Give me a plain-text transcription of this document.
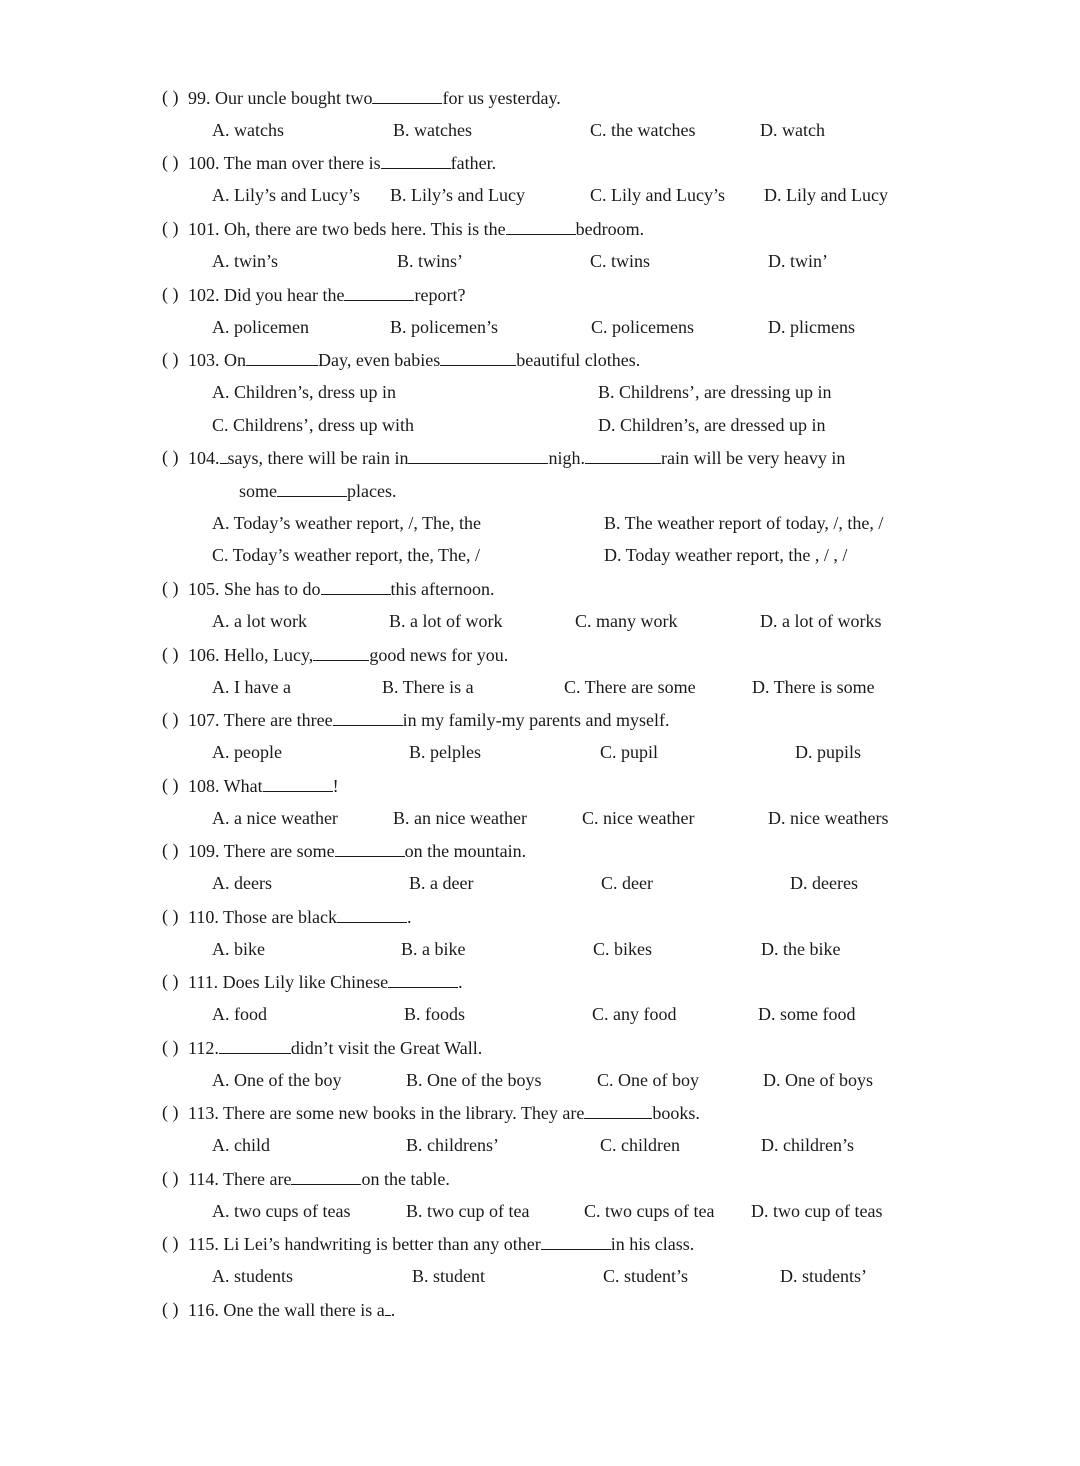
( ) 99. Our uncle bought two	for us yesterday.
A. watchs	B. watches	C. the watches	D. watch
( ) 100. The man over there is	father.
A. Lily’s and Lucy’s B. Lily’s and Lucy	C. Lily and Lucy’s D. Lily and Lucy
( ) 101. Oh, there are two beds here. This is the	bedroom.
A. twin’s	B. twins’	C. twins	D. twin’
( ) 102. Did you hear the	report?
A. policemen	B. policemen’s	C. policemens	D. plicmens
( ) 103. On	Day, even babies	beautiful clothes.
A. Children’s, dress up in	B. Childrens’, are dressing up in
C. Childrens’, dress up with	D. Children’s, are dressed up in
( ) 104. says, there will be rain in	nigh.	rain will be very heavy in
some	places.
A. Today’s weather report, /, The, the	B. The weather report of today, /, the, /
C. Today’s weather report, the, The, /	D. Today weather report, the , / , /
( ) 105. She has to do	this afternoon.
A. a lot work	B. a lot of work	C. many work	D. a lot of works
( ) 106. Hello, Lucy,	good news for you.
A. I have a	B. There is a	C. There are some	D. There is some
( ) 107. There are three	in my family-my parents and myself.
A. people	B. pelples	C. pupil	D. pupils
( ) 108. What	!
A. a nice weather	B. an nice weather	C. nice weather	D. nice weathers
( ) 109. There are some	on the mountain.
A. deers	B. a deer	C. deer	D. deeres
( ) 110. Those are black	.
A. bike	B. a bike	C. bikes	D. the bike
( ) 111. Does Lily like Chinese	.
A. food	B. foods	C. any food	D. some food
( ) 112.	didn’t visit the Great Wall.
A. One of the boy	B. One of the boys	C. One of boy	D. One of boys
( ) 113. There are some new books in the library. They are	books.
A. child	B. childrens’	C. children	D. children’s
( ) 114. There are	on the table.
A. two cups of teas	B. two cup of tea	C. two cups of tea D. two cup of teas
( ) 115. Li Lei’s handwriting is better than any other	in his class.
A. students	B. student	C. student’s	D. students’
( ) 116. One the wall there is a .
